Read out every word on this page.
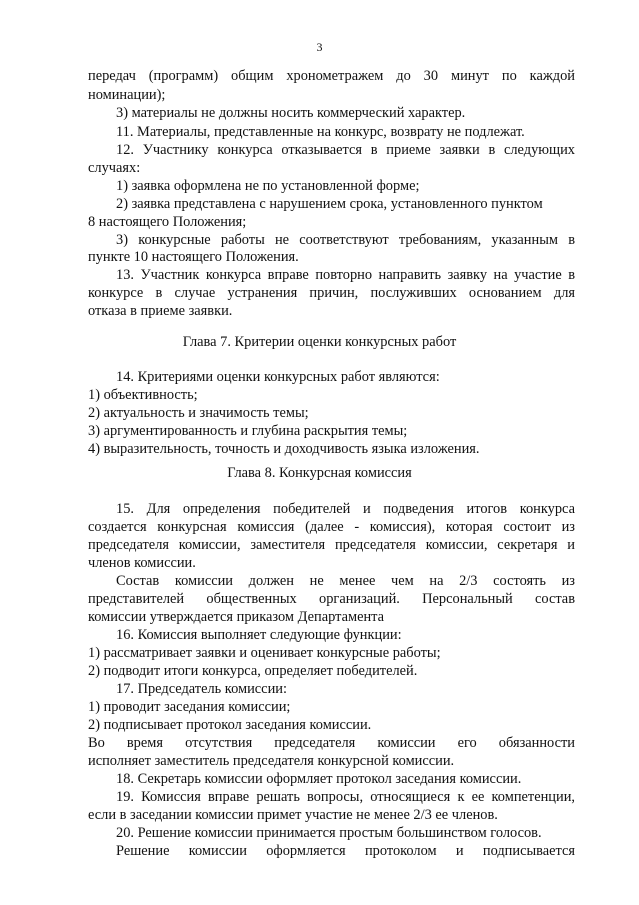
3
передач (программ) общим хронометражем до 30 минут по каждой
номинации);
3) материалы не должны носить коммерческий характер.
11. Материалы, представленные на конкурс, возврату не подлежат.
12. Участнику конкурса отказывается в приеме заявки в следующих
случаях:
1) заявка оформлена не по установленной форме;
2) заявка представлена с нарушением срока, установленного пунктом
8 настоящего Положения;
3) конкурсные работы не соответствуют требованиям, указанным в
пункте 10 настоящего Положения.
13. Участник конкурса вправе повторно направить заявку на участие в
конкурсе в случае устранения причин, послуживших основанием для
отказа в приеме заявки.
Глава 7. Критерии оценки конкурсных работ
14. Критериями оценки конкурсных работ являются:
1) объективность;
2) актуальность и значимость темы;
3) аргументированность и глубина раскрытия темы;
4) выразительность, точность и доходчивость языка изложения.
Глава 8. Конкурсная комиссия
15. Для определения победителей и подведения итогов конкурса
создается конкурсная комиссия (далее - комиссия), которая состоит из
председателя комиссии, заместителя председателя комиссии, секретаря и
членов комиссии.
Состав комиссии должен не менее чем на 2/3 состоять из
представителей общественных организаций. Персональный состав
комиссии утверждается приказом Департамента
16. Комиссия выполняет следующие функции:
1) рассматривает заявки и оценивает конкурсные работы;
2) подводит итоги конкурса, определяет победителей.
17. Председатель комиссии:
1) проводит заседания комиссии;
2) подписывает протокол заседания комиссии.
Во время отсутствия председателя комиссии его обязанности
исполняет заместитель председателя конкурсной комиссии.
18. Секретарь комиссии оформляет протокол заседания комиссии.
19. Комиссия вправе решать вопросы, относящиеся к ее компетенции,
если в заседании комиссии примет участие не менее 2/3 ее членов.
20. Решение комиссии принимается простым большинством голосов.
Решение комиссии оформляется протоколом и подписывается
